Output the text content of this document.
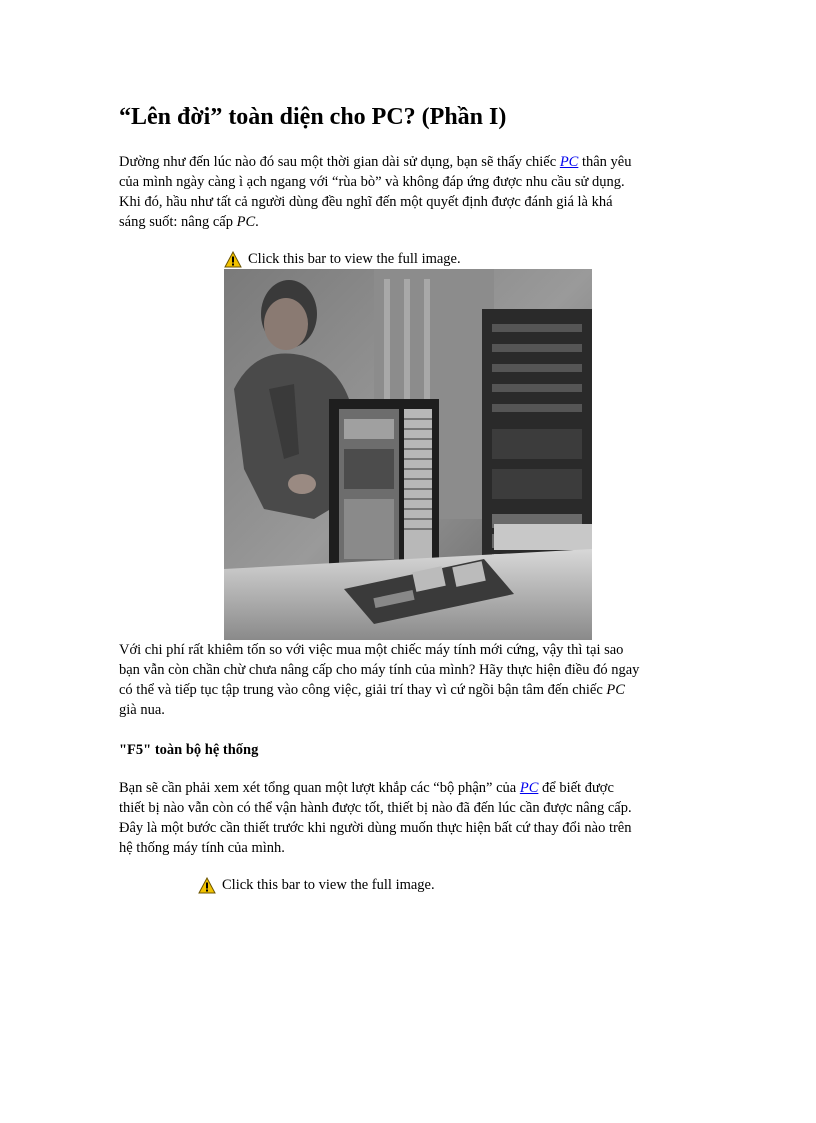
“Lên đời” toàn diện cho PC? (Phần I)

Dường như đến lúc nào đó sau một thời gian dài sử dụng, bạn sẽ thấy chiếc PC thân yêu
của mình ngày càng ì ạch ngang với “rùa bò” và không đáp ứng được nhu cầu sử dụng.
Khi đó, hầu như tất cả người dùng đều nghĩ đến một quyết định được đánh giá là khá
sáng suốt: nâng cấp PC.

Click this bar to view the full image.

Với chi phí rất khiêm tốn so với việc mua một chiếc máy tính mới cứng, vậy thì tại sao
bạn vẫn còn chần chừ chưa nâng cấp cho máy tính của mình? Hãy thực hiện điều đó ngay
có thể và tiếp tục tập trung vào công việc, giải trí thay vì cứ ngồi bận tâm đến chiếc PC
già nua.

"F5" toàn bộ hệ thống

Bạn sẽ cần phải xem xét tổng quan một lượt khắp các “bộ phận” của PC để biết được
thiết bị nào vẫn còn có thể vận hành được tốt, thiết bị nào đã đến lúc cần được nâng cấp.
Đây là một bước cần thiết trước khi người dùng muốn thực hiện bất cứ thay đổi nào trên
hệ thống máy tính của mình.

Click this bar to view the full image.
